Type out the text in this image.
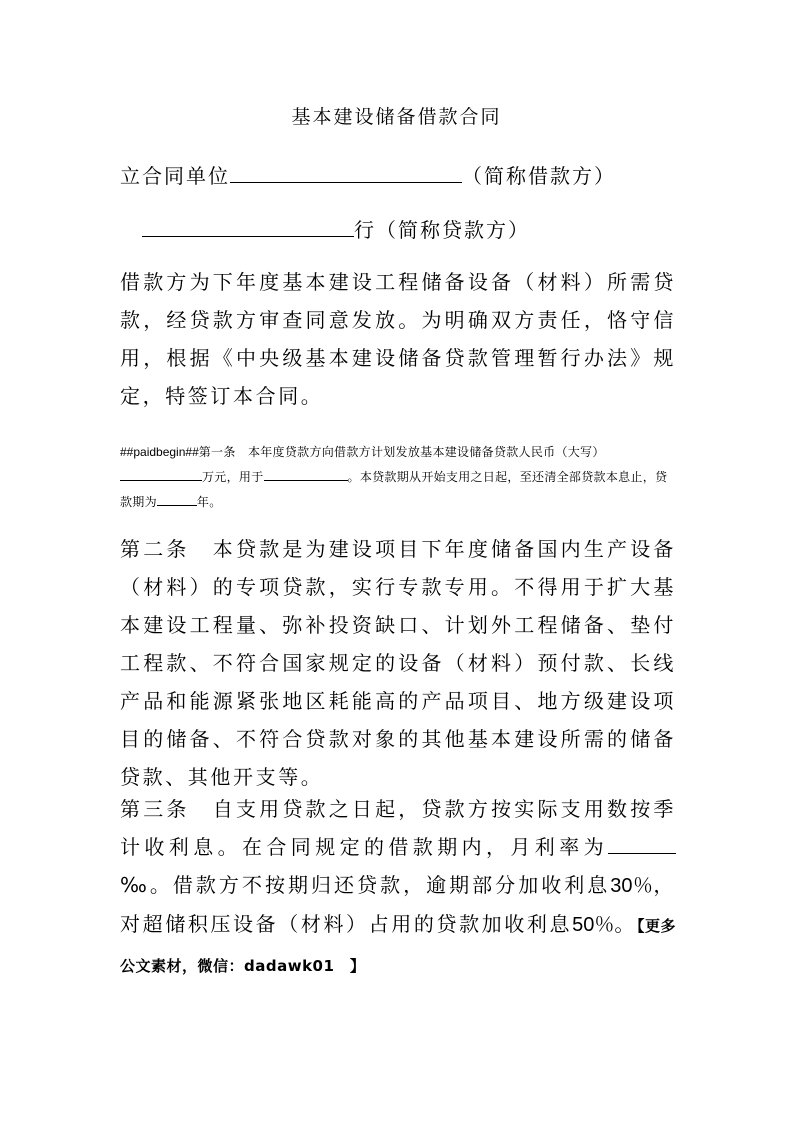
基本建设储备借款合同
立合同单位	（简称借款方）
行（简称贷款方）
借款方为下年度基本建设工程储备设备（材料）所需贷款，经贷款方审查同意发放。为明确双方责任，恪守信用，根据《中央级基本建设储备贷款管理暂行办法》规定，特签订本合同。
##paidbegin##第一条　本年度贷款方向借款方计划发放基本建设储备贷款人民币（大写）万元，用于	。本贷款期从开始支用之日起，至还清全部贷款本息止，贷款期为	年。
第二条　本贷款是为建设项目下年度储备国内生产设备（材料）的专项贷款，实行专款专用。不得用于扩大基本建设工程量、弥补投资缺口、计划外工程储备、垫付工程款、不符合国家规定的设备（材料）预付款、长线产品和能源紧张地区耗能高的产品项目、地方级建设项目的储备、不符合贷款对象的其他基本建设所需的储备贷款、其他开支等。
第三条　自支用贷款之日起，贷款方按实际支用数按季计收利息。在合同规定的借款期内，月利率为‰。借款方不按期归还贷款，逾期部分加收利息30％，对超储积压设备（材料）占用的贷款加收利息50％。【更多公文素材，微信：dadawk01　】
